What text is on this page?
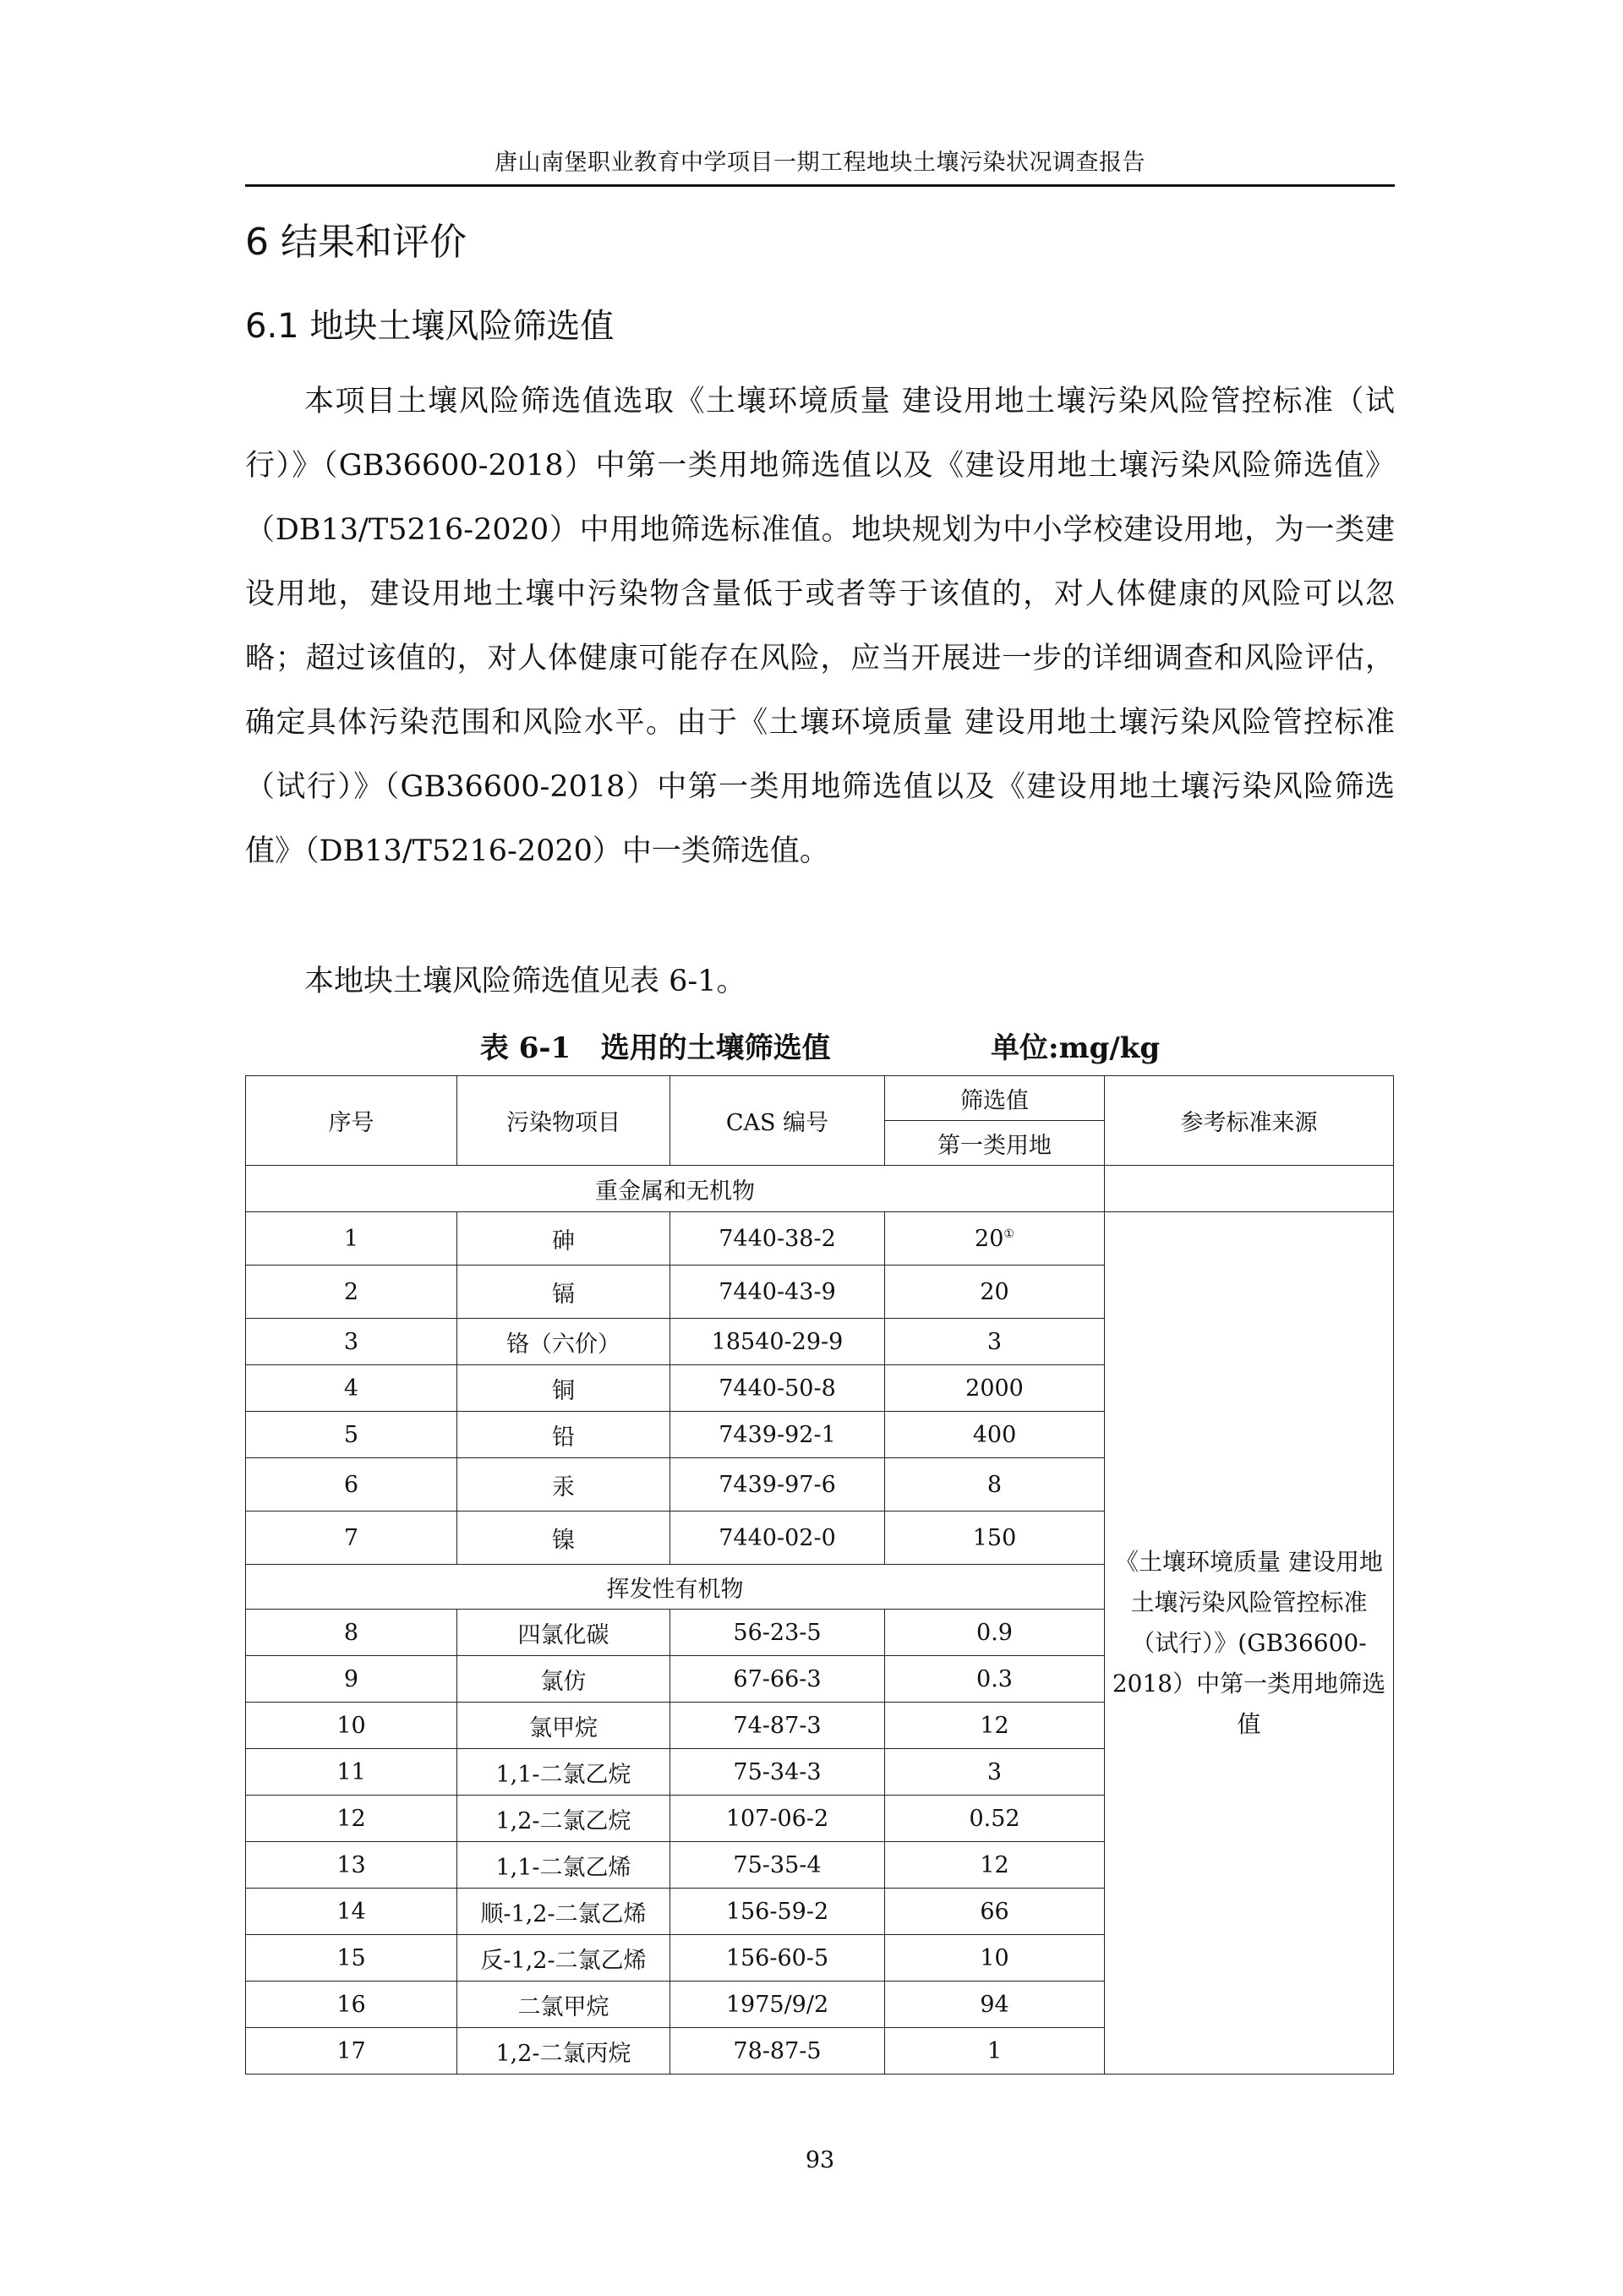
唐山南堡职业教育中学项目一期工程地块土壤污染状况调查报告
6 结果和评价
6.1 地块土壤风险筛选值

本项目土壤风险筛选值选取《土壤环境质量 建设用地土壤污染风险管控标准（试行）》（GB36600-2018）中第一类用地筛选值以及《建设用地土壤污染风险筛选值》（DB13/T5216-2020）中用地筛选标准值。地块规划为中小学校建设用地，为一类建设用地，建设用地土壤中污染物含量低于或者等于该值的，对人体健康的风险可以忽略；超过该值的，对人体健康可能存在风险，应当开展进一步的详细调查和风险评估，确定具体污染范围和风险水平。由于《土壤环境质量 建设用地土壤污染风险管控标准（试行）》（GB36600-2018）中第一类用地筛选值以及《建设用地土壤污染风险筛选值》（DB13/T5216-2020）中一类筛选值。

本地块土壤风险筛选值见表 6-1。

表 6-1   选用的土壤筛选值                单位:mg/kg
序号	污染物项目	CAS 编号	筛选值	参考标准来源
			第一类用地	
重金属和无机物				
1	砷	7440-38-2	20①	《土壤环境质量 建设用地土壤污染风险管控标准（试行）》(GB36600-2018）中第一类用地筛选值
2	镉	7440-43-9	20	
3	铬（六价）	18540-29-9	3	
4	铜	7440-50-8	2000	
5	铅	7439-92-1	400	
6	汞	7439-97-6	8	
7	镍	7440-02-0	150	
挥发性有机物				
8	四氯化碳	56-23-5	0.9	
9	氯仿	67-66-3	0.3	
10	氯甲烷	74-87-3	12	
11	1,1-二氯乙烷	75-34-3	3	
12	1,2-二氯乙烷	107-06-2	0.52	
13	1,1-二氯乙烯	75-35-4	12	
14	顺-1,2-二氯乙烯	156-59-2	66	
15	反-1,2-二氯乙烯	156-60-5	10	
16	二氯甲烷	1975/9/2	94	
17	1,2-二氯丙烷	78-87-5	1	
93
